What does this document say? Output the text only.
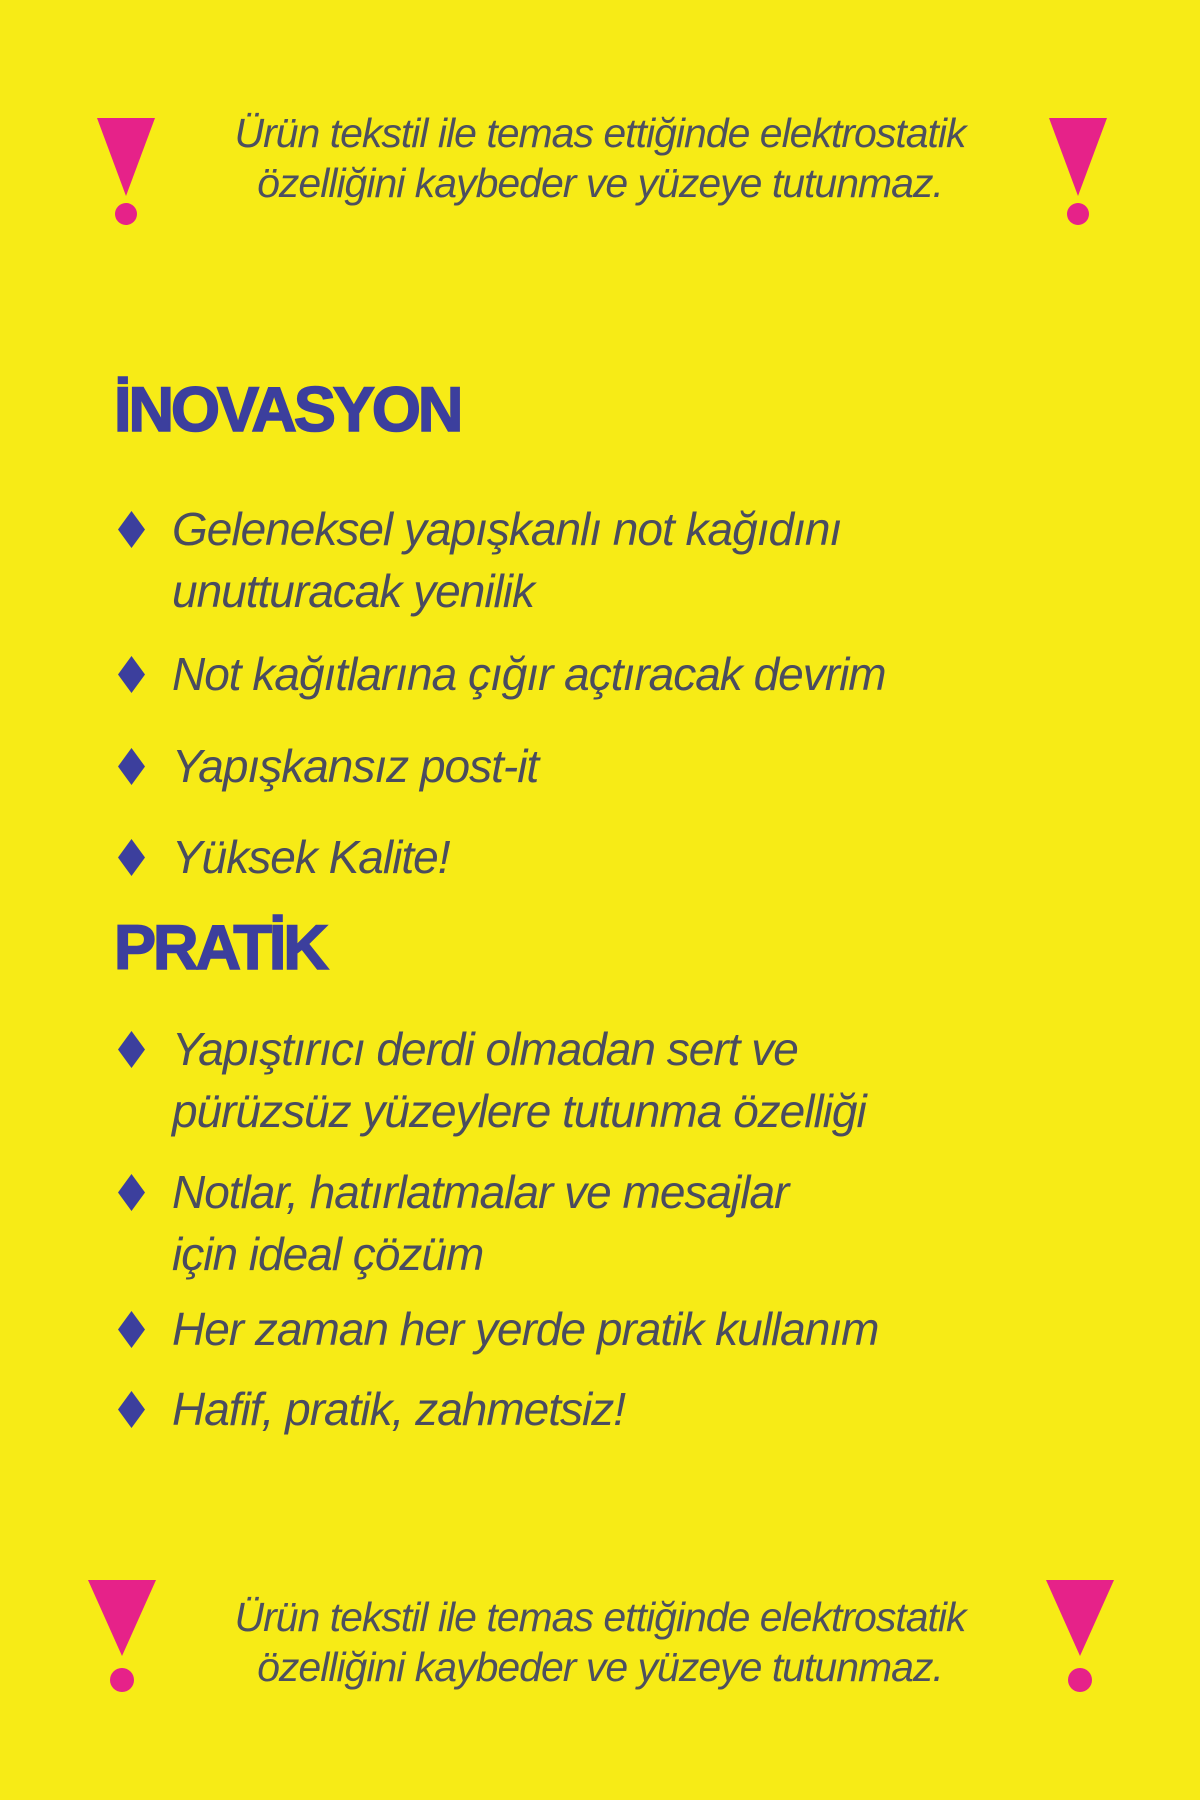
Ürün tekstil ile temas ettiğinde elektrostatik
özelliğini kaybeder ve yüzeye tutunmaz.
İNOVASYON
Geleneksel yapışkanlı not kağıdını
unutturacak yenilik
Not kağıtlarına çığır açtıracak devrim
Yapışkansız post-it
Yüksek Kalite!
PRATİK
Yapıştırıcı derdi olmadan sert ve
pürüzsüz yüzeylere tutunma özelliği
Notlar, hatırlatmalar ve mesajlar
için ideal çözüm
Her zaman her yerde pratik kullanım
Hafif, pratik, zahmetsiz!
Ürün tekstil ile temas ettiğinde elektrostatik
özelliğini kaybeder ve yüzeye tutunmaz.
